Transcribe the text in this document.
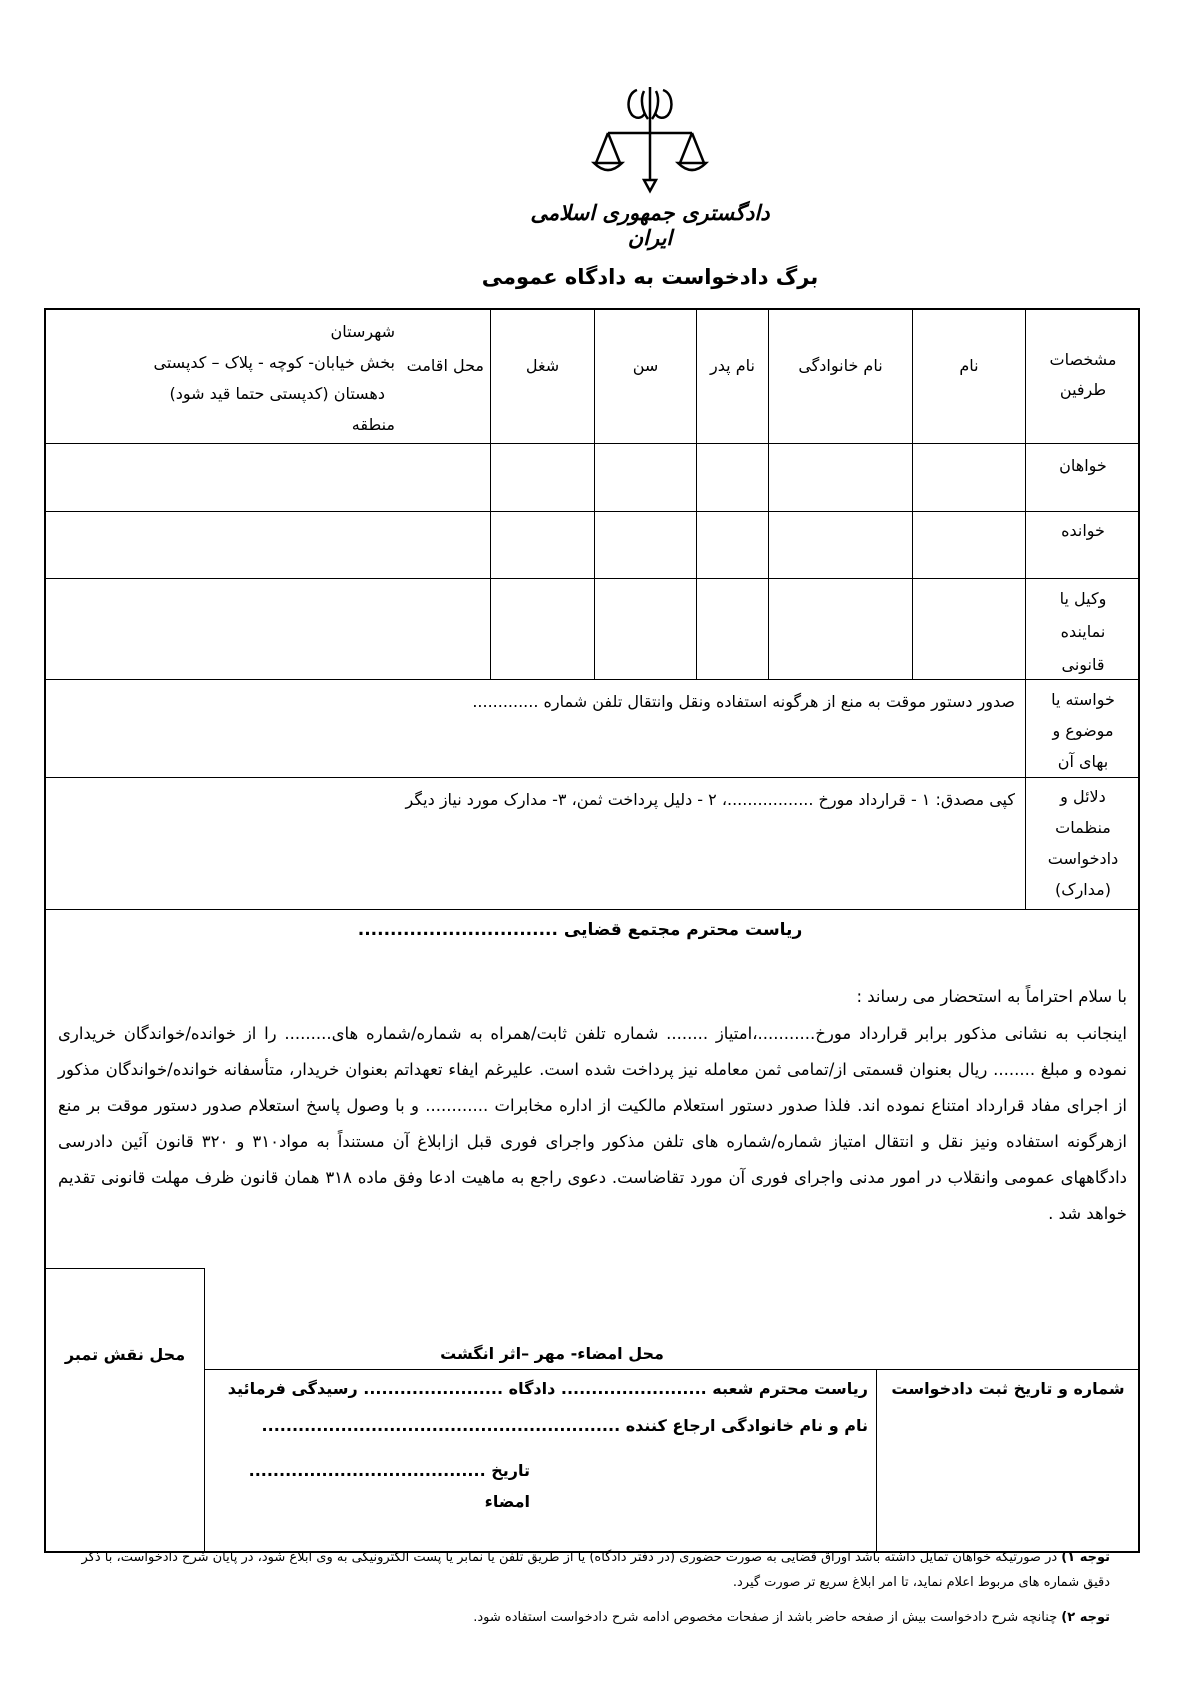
دادگستری جمهوری اسلامی ایران
برگ دادخواست به دادگاه عمومی
مشخصات
طرفین
نام
نام خانوادگی
نام پدر
سن
شغل
محل اقامت
شهرستان
بخش خیابان- کوچه - پلاک – کدپستی
دهستان (کدپستی حتما قید شود)
منطقه
خواهان
خوانده
وکیل یا
نماینده
قانونی
خواسته یا
موضوع و
بهای آن
صدور دستور موقت به منع از هرگونه استفاده ونقل وانتقال تلفن شماره .............
دلائل و
منظمات
دادخواست
(مدارک)
کپی مصدق: ۱ - قرارداد مورخ .................، ۲ - دلیل پرداخت ثمن، ۳- مدارک مورد نیاز دیگر
ریاست محترم مجتمع قضایی ...............................
با سلام احتراماً به استحضار می رساند :
اینجانب به نشانی مذکور برابر قرارداد مورخ...........،امتیاز ........ شماره تلفن ثابت/همراه به شماره/شماره های......... را از خوانده/خواندگان خریداری نموده و مبلغ ........ ریال بعنوان قسمتی از/تمامی ثمن معامله نیز پرداخت شده است. علیرغم ایفاء تعهداتم بعنوان خریدار، متأسفانه خوانده/خواندگان مذکور از اجرای مفاد قرارداد امتناع نموده اند. فلذا صدور دستور استعلام مالکیت از اداره مخابرات ............ و با وصول پاسخ استعلام صدور دستور موقت بر منع ازهرگونه استفاده ونیز نقل و انتقال امتیاز شماره/شماره های تلفن مذکور واجرای فوری قبل ازابلاغ آن مستنداً به مواد۳۱۰ و ۳۲۰ قانون آئین دادرسی دادگاههای عمومی وانقلاب در امور مدنی واجرای فوری آن مورد تقاضاست. دعوی راجع به ماهیت ادعا وفق ماده ۳۱۸ همان قانون ظرف مهلت قانونی تقدیم خواهد شد .
محل نقش تمبر	محل امضاء- مهر –اثر انگشت
شماره و تاریخ ثبت دادخواست
ریاست محترم شعبه ........................ دادگاه ....................... رسیدگی فرمائید
نام و نام خانوادگی ارجاع کننده ...........................................................
تاریخ ....................................... امضاء
توجه ۱) در صورتیکه خواهان تمایل داشته باشد اوراق قضایی به صورت حضوری (در دفتر دادگاه) یا از طریق تلفن یا نمابر یا پست الکترونیکی به وی ابلاغ شود، در پایان شرح دادخواست، با ذکر دقیق شماره های مربوط اعلام نماید، تا امر ابلاغ سریع تر صورت گیرد.
توجه ۲) چنانچه شرح دادخواست بیش از صفحه حاضر باشد از صفحات مخصوص ادامه شرح دادخواست استفاده شود.
